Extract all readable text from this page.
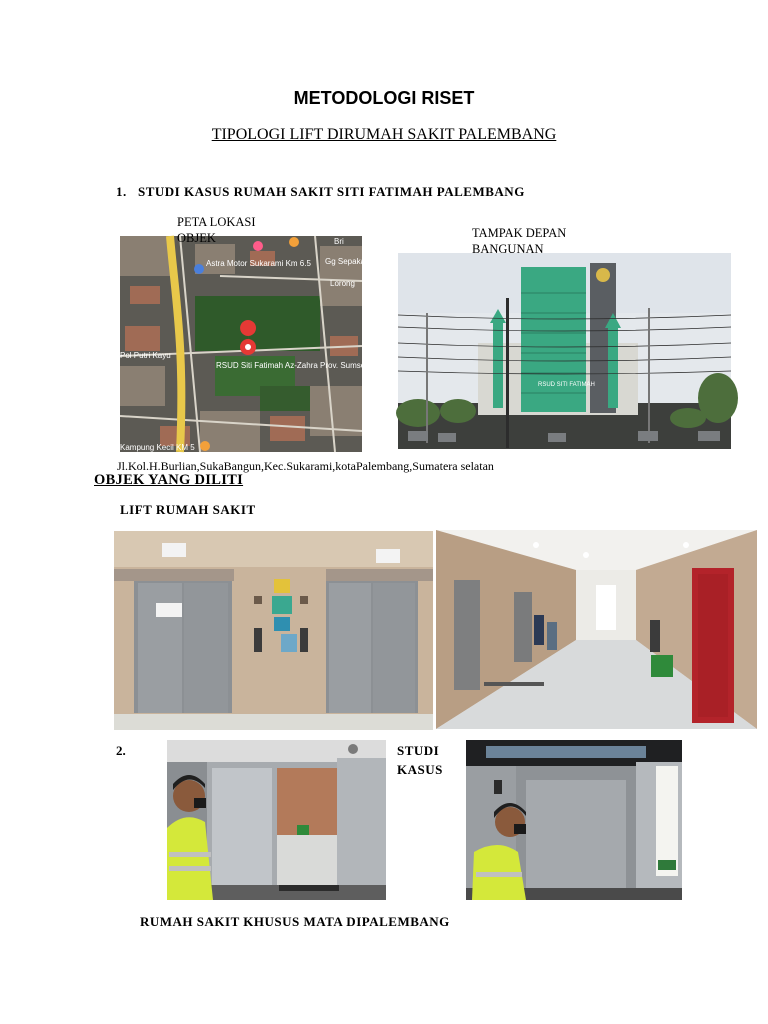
METODOLOGI RISET
TIPOLOGI LIFT DIRUMAH SAKIT PALEMBANG
1. STUDI KASUS RUMAH SAKIT SITI FATIMAH PALEMBANG
Astra Motor Sukarami Km 6.5
RSUD Siti Fatimah Az-Zahra Prov. Sumsel
Pol Putri Kayu
Lorong
Bri
Gg Sepakat
Kampung Kecil KM 5
PETA LOKASI OBJEK
RSUD SITI FATIMAH
TAMPAK DEPAN BANGUNAN
Jl.Kol.H.Burlian,SukaBangun,Kec.Sukarami,kotaPalembang,Sumatera selatan
OBJEK YANG DILITI
LIFT RUMAH SAKIT
2.	STUDI KASUS
RUMAH SAKIT KHUSUS MATA DIPALEMBANG
